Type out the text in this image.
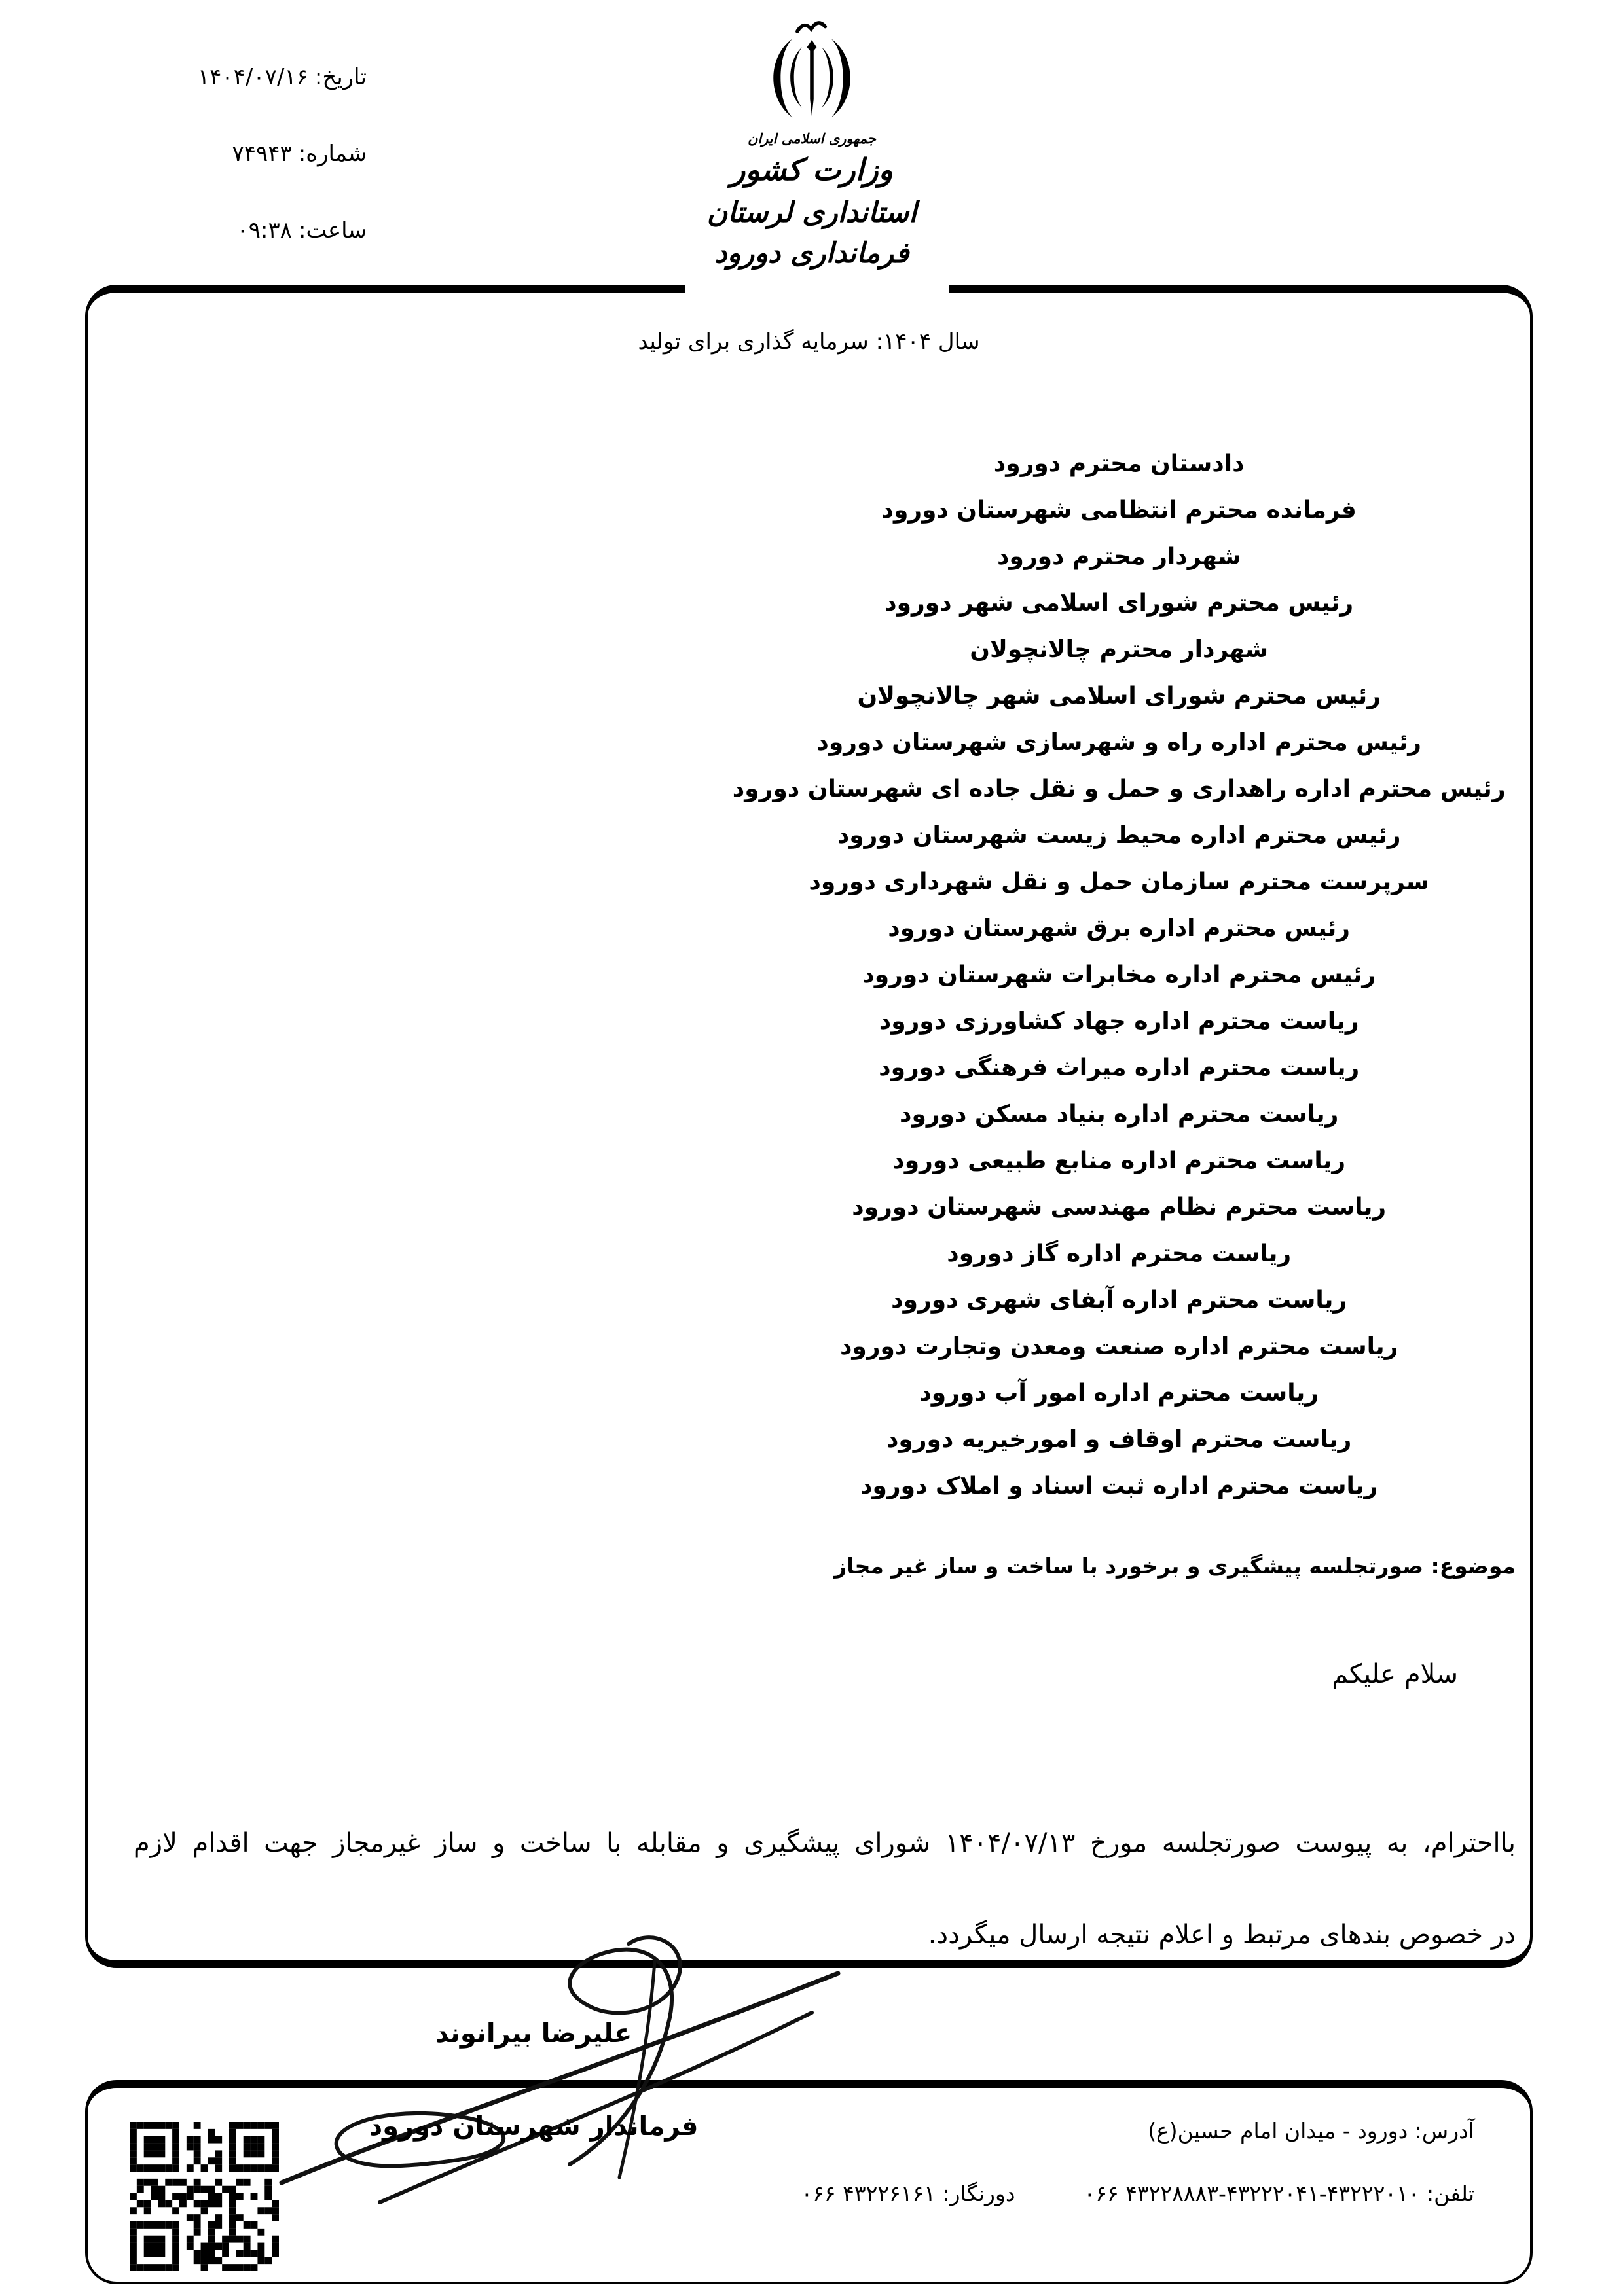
تاریخ:۱۴۰۴/۰۷/۱۶
شماره:۷۴۹۴۳
ساعت:۰۹:۳۸
جمهوری اسلامی ایران
وزارت کشور
استانداری لرستان
فرمانداری دورود
سال ۱۴۰۴: سرمایه گذاری برای تولید
دادستان محترم دورود
فرمانده محترم انتظامی شهرستان دورود
شهردار محترم دورود
رئیس محترم شورای اسلامی شهر دورود
شهردار محترم چالانچولان
رئیس محترم شورای اسلامی شهر چالانچولان
رئیس محترم اداره راه و شهرسازی شهرستان دورود
رئیس محترم اداره راهداری و حمل و نقل جاده ای شهرستان دورود
رئیس محترم اداره محیط زیست شهرستان دورود
سرپرست محترم سازمان حمل و نقل شهرداری دورود
رئیس محترم اداره برق شهرستان دورود
رئیس محترم اداره مخابرات شهرستان دورود
ریاست محترم اداره جهاد کشاورزی دورود
ریاست محترم اداره میراث فرهنگی دورود
ریاست محترم اداره بنیاد مسکن دورود
ریاست محترم اداره منابع طبیعی دورود
ریاست محترم نظام مهندسی شهرستان دورود
ریاست محترم اداره گاز دورود
ریاست محترم اداره آبفای شهری دورود
ریاست محترم اداره صنعت ومعدن وتجارت دورود
ریاست محترم اداره امور آب دورود
ریاست محترم اوقاف و امورخیریه دورود
ریاست محترم اداره ثبت اسناد و املاک دورود
موضوع: صورتجلسه پیشگیری و برخورد با ساخت و ساز غیر مجاز
سلام علیکم
بااحترام، به پیوست صورتجلسه مورخ ۱۴۰۴/۰۷/۱۳ شورای پیشگیری و مقابله با ساخت و ساز غیرمجاز جهت اقدام لازم
در خصوص بندهای مرتبط و اعلام نتیجه ارسال میگردد.
علیرضا بیرانوند
فرماندار شهرستان دورود	آدرس: دورود - میدان امام حسین(ع)
تلفن: ۴۳۲۲۲۰۱۰-۴۳۲۲۲۰۴۱-۴۳۲۲۸۸۸۳ ۰۶۶دورنگار: ۴۳۲۲۶۱۶۱ ۰۶۶
